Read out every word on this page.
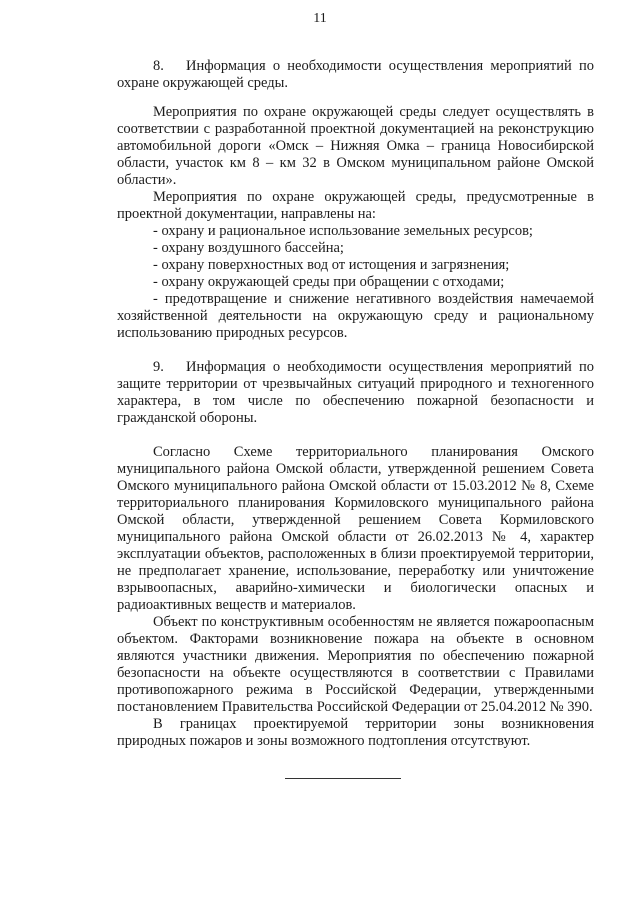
11

8. Информация о необходимости осуществления мероприятий по охране окружающей среды.

Мероприятия по охране окружающей среды следует осуществлять в соответствии с разработанной проектной документацией на реконструкцию автомобильной дороги «Омск – Нижняя Омка – граница Новосибирской области, участок км 8 – км 32 в Омском муниципальном районе Омской области».

Мероприятия по охране окружающей среды, предусмотренные в проектной документации, направлены на:

- охрану и рациональное использование земельных ресурсов;

- охрану воздушного бассейна;

- охрану поверхностных вод от истощения и загрязнения;

- охрану окружающей среды при обращении с отходами;

- предотвращение и снижение негативного воздействия намечаемой хозяйственной деятельности на окружающую среду и рациональному использованию природных ресурсов.

9. Информация о необходимости осуществления мероприятий по защите территории от чрезвычайных ситуаций природного и техногенного характера, в том числе по обеспечению пожарной безопасности и гражданской обороны.

Согласно Схеме территориального планирования Омского муниципального района Омской области, утвержденной решением Совета Омского муниципального района Омской области от 15.03.2012 № 8, Схеме территориального планирования Кормиловского муниципального района Омской области, утвержденной решением Совета Кормиловского муниципального района Омской области от 26.02.2013 № 4, характер эксплуатации объектов, расположенных в близи проектируемой территории, не предполагает хранение, использование, переработку или уничтожение взрывоопасных, аварийно-химически и биологически опасных и радиоактивных веществ и материалов.

Объект по конструктивным особенностям не является пожароопасным объектом. Факторами возникновение пожара на объекте в основном являются участники движения. Мероприятия по обеспечению пожарной безопасности на объекте осуществляются в соответствии с Правилами противопожарного режима в Российской Федерации, утвержденными постановлением Правительства Российской Федерации от 25.04.2012 № 390.

В границах проектируемой территории зоны возникновения природных пожаров и зоны возможного подтопления отсутствуют.
